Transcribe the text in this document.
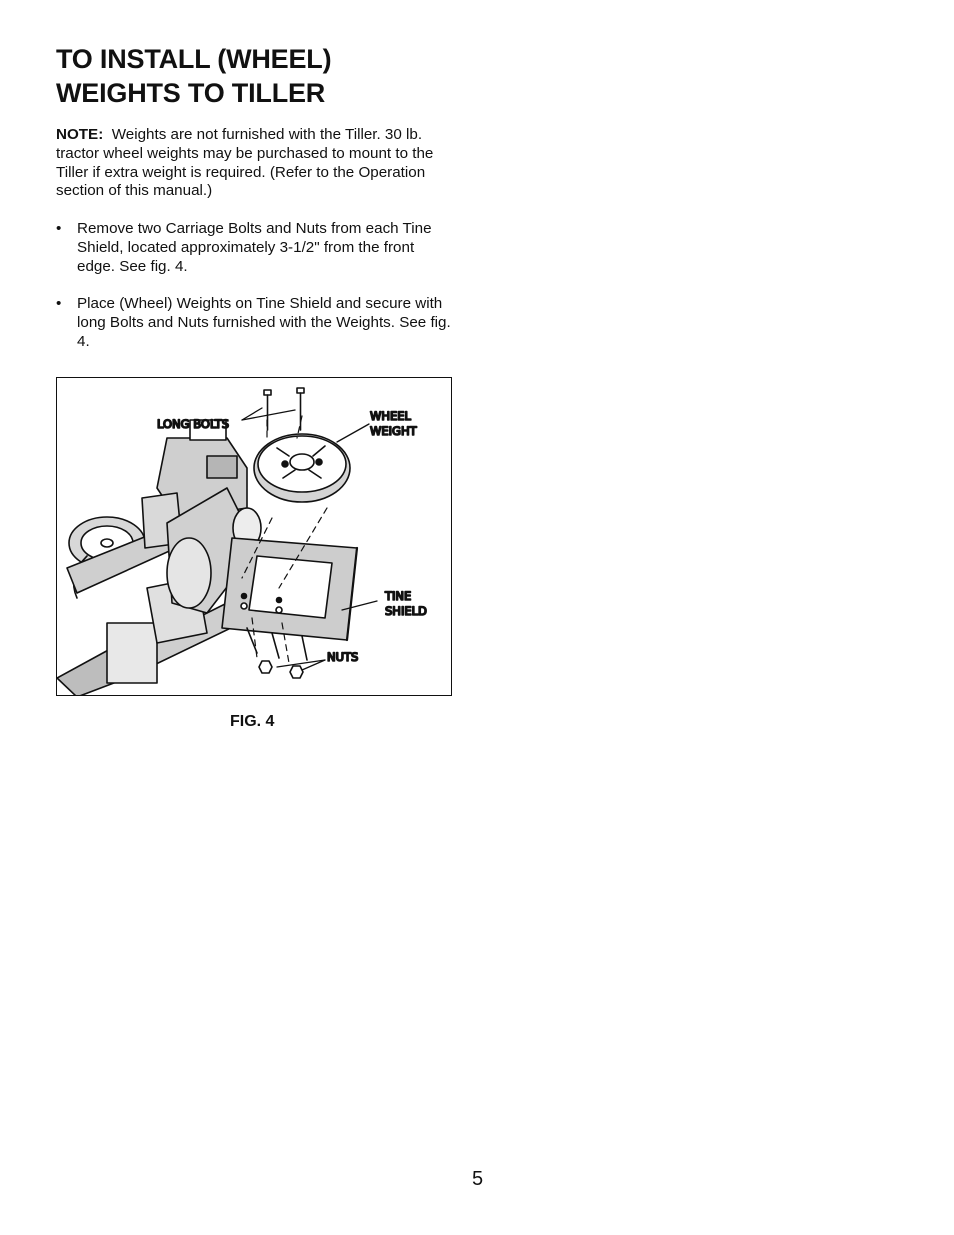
TO INSTALL (WHEEL)
WEIGHTS TO TILLER

NOTE: Weights are not furnished with the Tiller. 30 lb. tractor wheel weights may be purchased to mount to the Tiller if extra weight is required. (Refer to the Operation section of this manual.)

• Remove two Carriage Bolts and Nuts from each Tine Shield, located approximately 3-1/2" from the front edge. See fig. 4.
• Place (Wheel) Weights on Tine Shield and secure with long Bolts and Nuts furnished with the Weights. See fig. 4.
LONG BOLTS
WHEEL
WEIGHT
TINE
SHIELD
NUTS
FIG. 4
5
